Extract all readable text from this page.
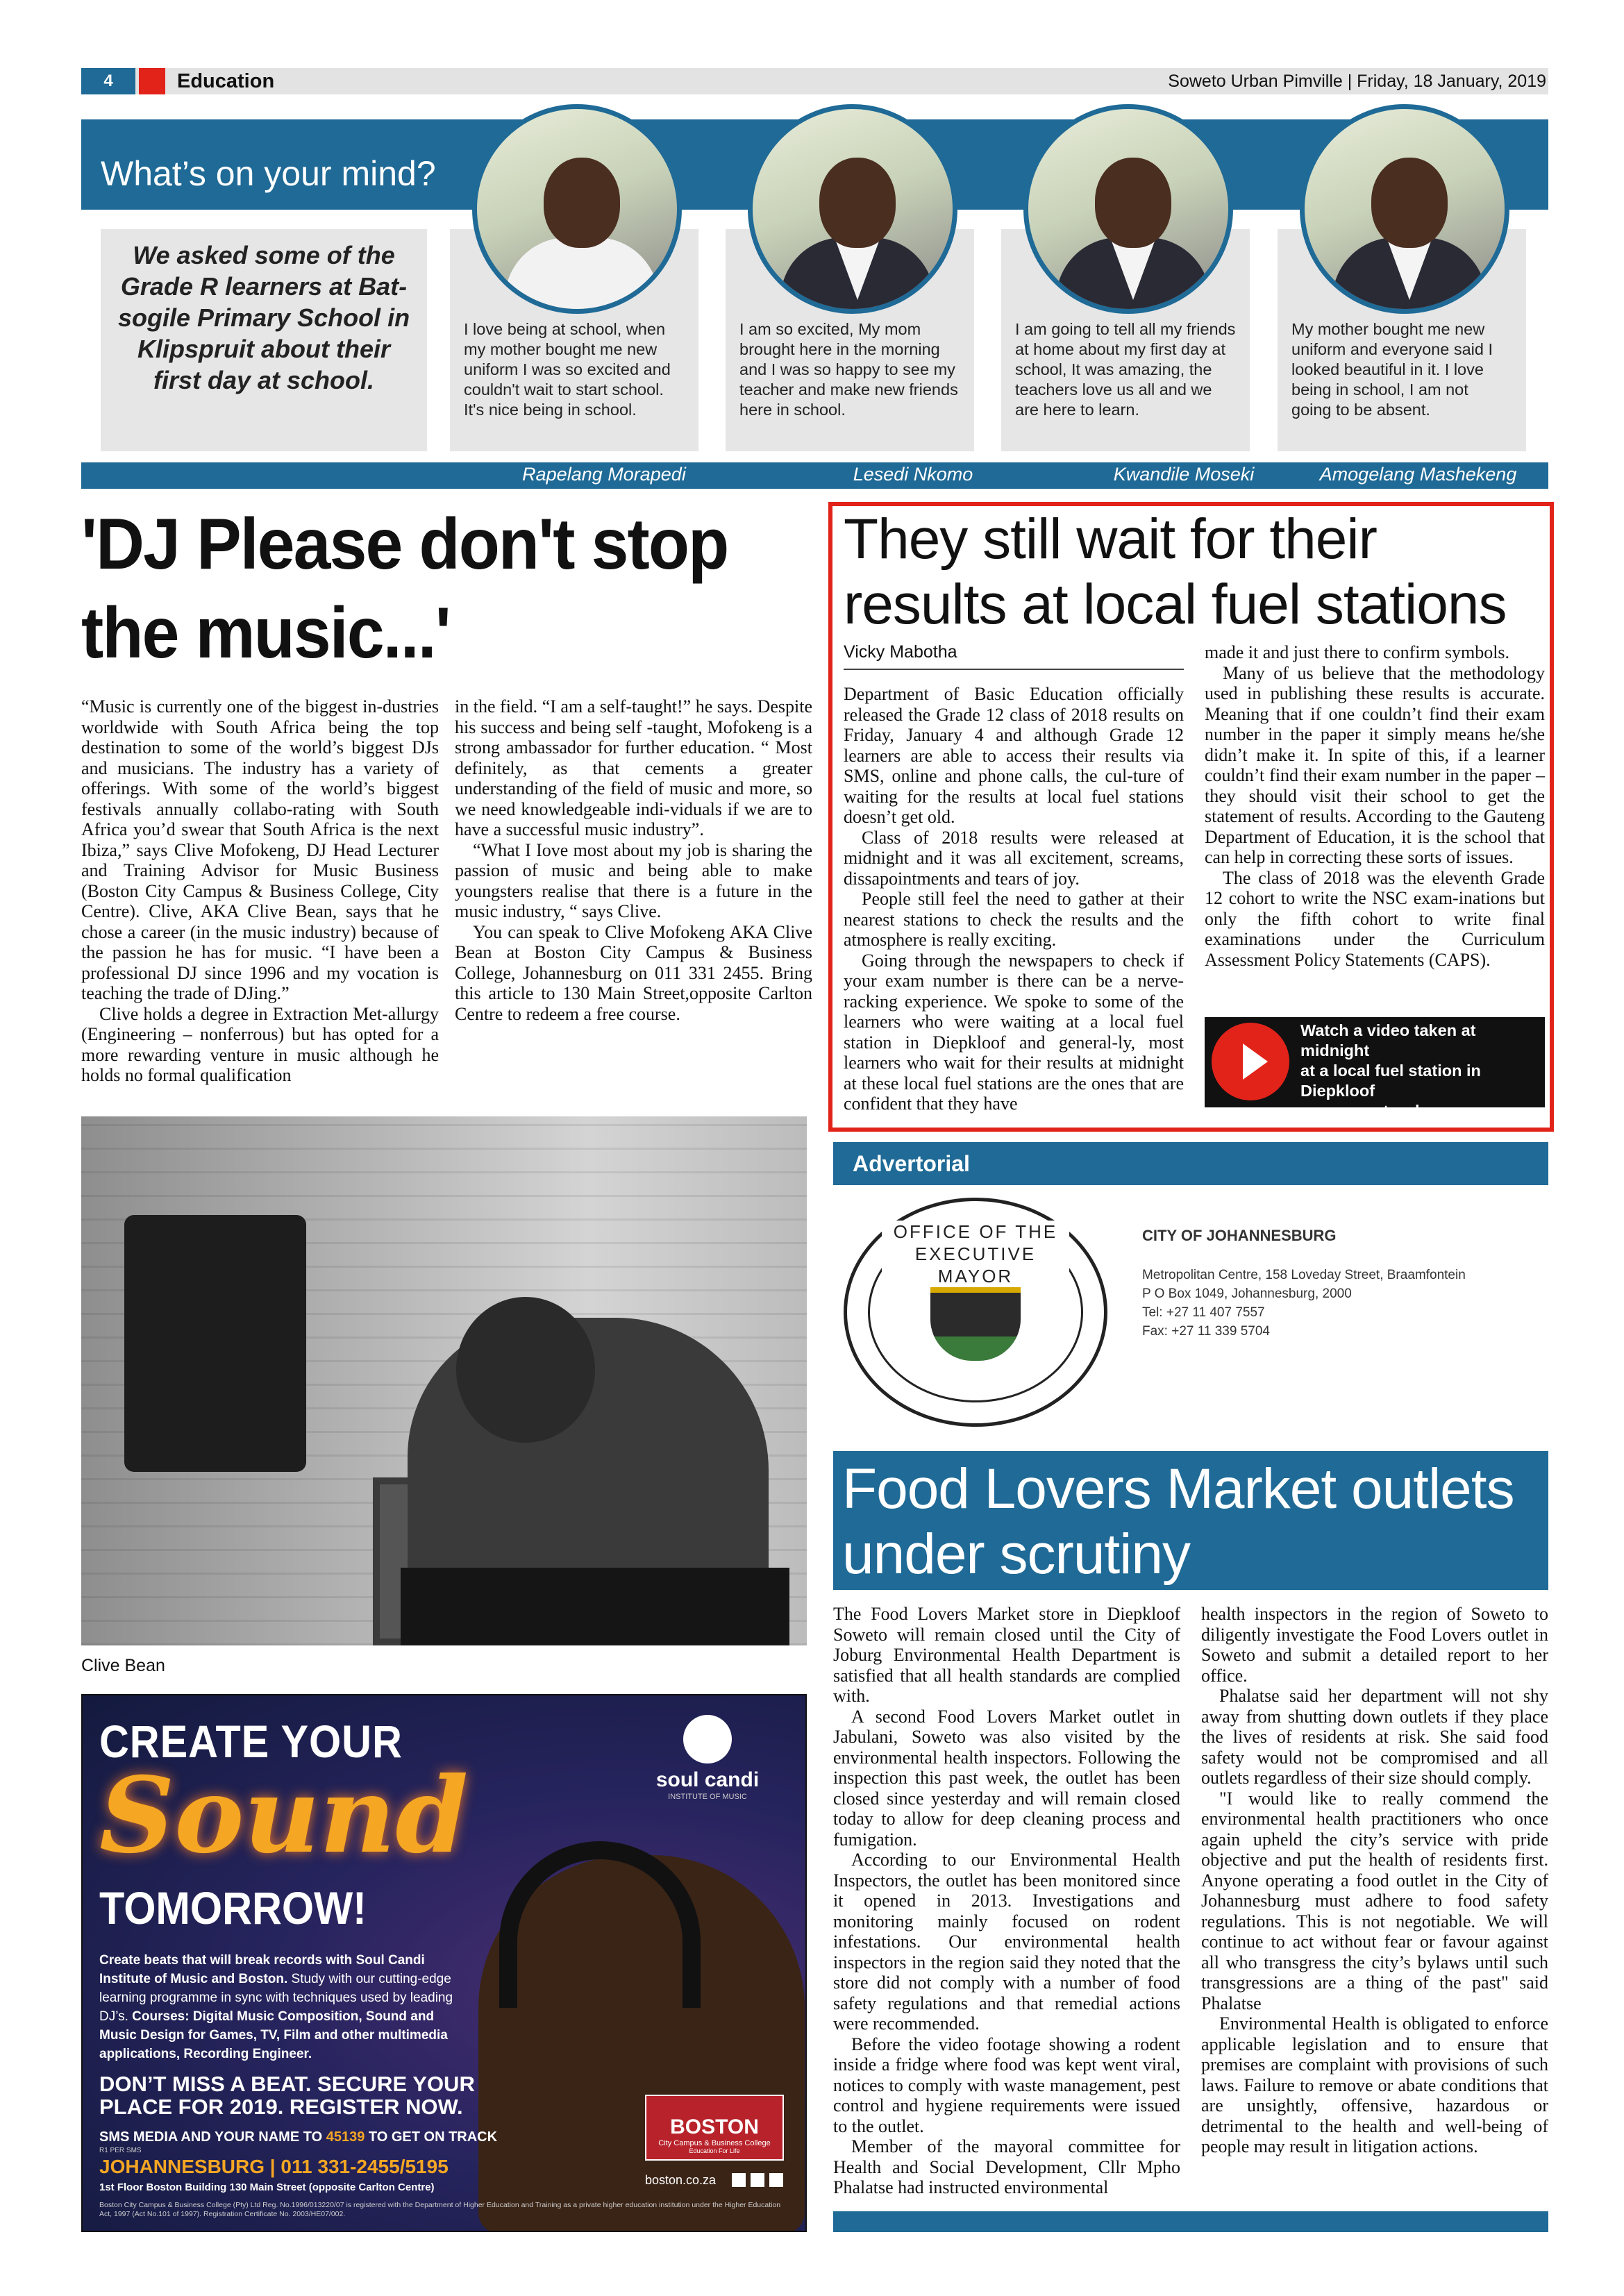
4	Education	Soweto Urban Pimville | Friday, 18 January, 2019
What’s on your mind?
We asked some of the Grade R learners at Bat-sogile Primary School in Klipspruit about their first day at school.
I love being at school, when my mother bought me new uniform I was so excited and couldn't wait to start school. It's nice being in school.
I am so excited, My mom brought here in the morning and I was so happy to see my teacher and make new friends here in school.
I am going to tell all my friends at home about my first day at school, It was amazing, the teachers love us all and we are here to learn.
My mother bought me new uniform and everyone said I looked beautiful in it. I love being in school, I am not going to be absent.
Rapelang Morapedi	Lesedi Nkomo	Kwandile Moseki	Amogelang Mashekeng
'DJ Please don't stop the music...'

“Music is currently one of the biggest in-dustries worldwide with South Africa being the top destination to some of the world’s biggest DJs and musicians. The industry has a variety of offerings. With some of the world’s biggest festivals annually collabo-rating with South Africa you’d swear that South Africa is the next Ibiza,” says Clive Mofokeng, DJ Head Lecturer and Training Advisor for Music Business (Boston City Campus & Business College, City Centre). Clive, AKA Clive Bean, says that he chose a career (in the music industry) because of the passion he has for music. “I have been a professional DJ since 1996 and my vocation is teaching the trade of DJing.”

Clive holds a degree in Extraction Met-allurgy (Engineering – nonferrous) but has opted for a more rewarding venture in music although he holds no formal qualification

in the field. “I am a self-taught!” he says. Despite his success and being self -taught, Mofokeng is a strong ambassador for further education. “ Most definitely, as that cements a greater understanding of the field of music and more, so we need knowledgeable indi-viduals if we are to have a successful music industry”.

“What I Iove most about my job is sharing the passion of music and being able to make youngsters realise that there is a future in the music industry, “ says Clive.

You can speak to Clive Mofokeng AKA Clive Bean at Boston City Campus & Business College, Johannesburg on 011 331 2455. Bring this article to 130 Main Street,opposite Carlton Centre to redeem a free course.

Clive Bean
They still wait for their results at local fuel stations
Vicky Mabotha

Department of Basic Education officially released the Grade 12 class of 2018 results on Friday, January 4 and although Grade 12 learners are able to access their results via SMS, online and phone calls, the cul-ture of waiting for the results at local fuel stations doesn’t get old.

Class of 2018 results were released at midnight and it was all excitement, screams, dissapointments and tears of joy.

People still feel the need to gather at their nearest stations to check the results and the atmosphere is really exciting.

Going through the newspapers to check if your exam number is there can be a nerve-racking experience. We spoke to some of the learners who were waiting at a local fuel station in Diepkloof and general-ly, most learners who wait for their results at midnight at these local fuel stations are the ones that are confident that they have

made it and just there to confirm symbols.

Many of us believe that the methodology used in publishing these results is accurate. Meaning that if one couldn’t find their exam number in the paper it simply means he/she didn’t make it. In spite of this, if a learner couldn’t find their exam number in the paper – they should visit their school to get the statement of results. According to the Gauteng Department of Education, it is the school that can help in correcting these sorts of issues.

The class of 2018 was the eleventh Grade 12 cohort to write the NSC exam-inations but only the fifth cohort to write final examinations under the Curriculum Assessment Policy Statements (CAPS).

Watch a video taken at midnight
at a local fuel station in
Diepkloof
www.sowetourban.co.za
Advertorial
OFFICE OF THE EXECUTIVE MAYOR
CITY OF JOHANNESBURG
Metropolitan Centre, 158 Loveday Street, Braamfontein
P O Box 1049, Johannesburg, 2000
Tel: +27 11 407 7557
Fax: +27 11 339 5704
Food Lovers Market outlets under scrutiny

The Food Lovers Market store in Diepkloof Soweto will remain closed until the City of Joburg Environmental Health Department is satisfied that all health standards are complied with.

A second Food Lovers Market outlet in Jabulani, Soweto was also visited by the environmental health inspectors. Following the inspection this past week, the outlet has been closed since yesterday and will remain closed today to allow for deep cleaning process and fumigation.

According to our Environmental Health Inspectors, the outlet has been monitored since it opened in 2013. Investigations and monitoring mainly focused on rodent infestations. Our environmental health inspectors in the region said they noted that the store did not comply with a number of food safety regulations and that remedial actions were recommended.

Before the video footage showing a rodent inside a fridge where food was kept went viral, notices to comply with waste management, pest control and hygiene requirements were issued to the outlet.

Member of the mayoral committee for Health and Social Development, Cllr Mpho Phalatse had instructed environmental

health inspectors in the region of Soweto to diligently investigate the Food Lovers outlet in Soweto and submit a detailed report to her office.

Phalatse said her department will not shy away from shutting down outlets if they place the lives of residents at risk. She said food safety would not be compromised and all outlets regardless of their size should comply.

"I would like to really commend the environmental health practitioners who once again upheld the city’s service with pride objective and put the health of residents first. Anyone operating a food outlet in the City of Johannesburg must adhere to food safety regulations. This is not negotiable. We will continue to act without fear or favour against all who transgress the city’s bylaws until such transgressions are a thing of the past" said Phalatse

Environmental Health is obligated to enforce applicable legislation and to ensure that premises are complaint with provisions of such laws. Failure to remove or abate conditions that are unsightly, offensive, hazardous or detrimental to the health and well-being of people may result in litigation actions.

CREATE YOUR
Sound
TOMORROW!
soul candi
INSTITUTE OF MUSIC
Create beats that will break records with Soul Candi Institute of Music and Boston. Study with our cutting-edge learning programme in sync with techniques used by leading DJ’s. Courses: Digital Music Composition, Sound and Music Design for Games, TV, Film and other multimedia applications, Recording Engineer.
DON’T MISS A BEAT. SECURE YOUR
PLACE FOR 2019. REGISTER NOW.
SMS MEDIA AND YOUR NAME TO 45139 TO GET ON TRACK
R1 PER SMS
JOHANNESBURG | 011 331-2455/5195
1st Floor Boston Building 130 Main Street (opposite Carlton Centre)
BOSTON
City Campus & Business College
Education For Life
boston.co.za
Boston City Campus & Business College (Pty) Ltd Reg. No.1996/013220/07 is registered with the Department of Higher Education and Training as a private higher education institution under the Higher Education Act, 1997 (Act No.101 of 1997). Registration Certificate No. 2003/HE07/002.
